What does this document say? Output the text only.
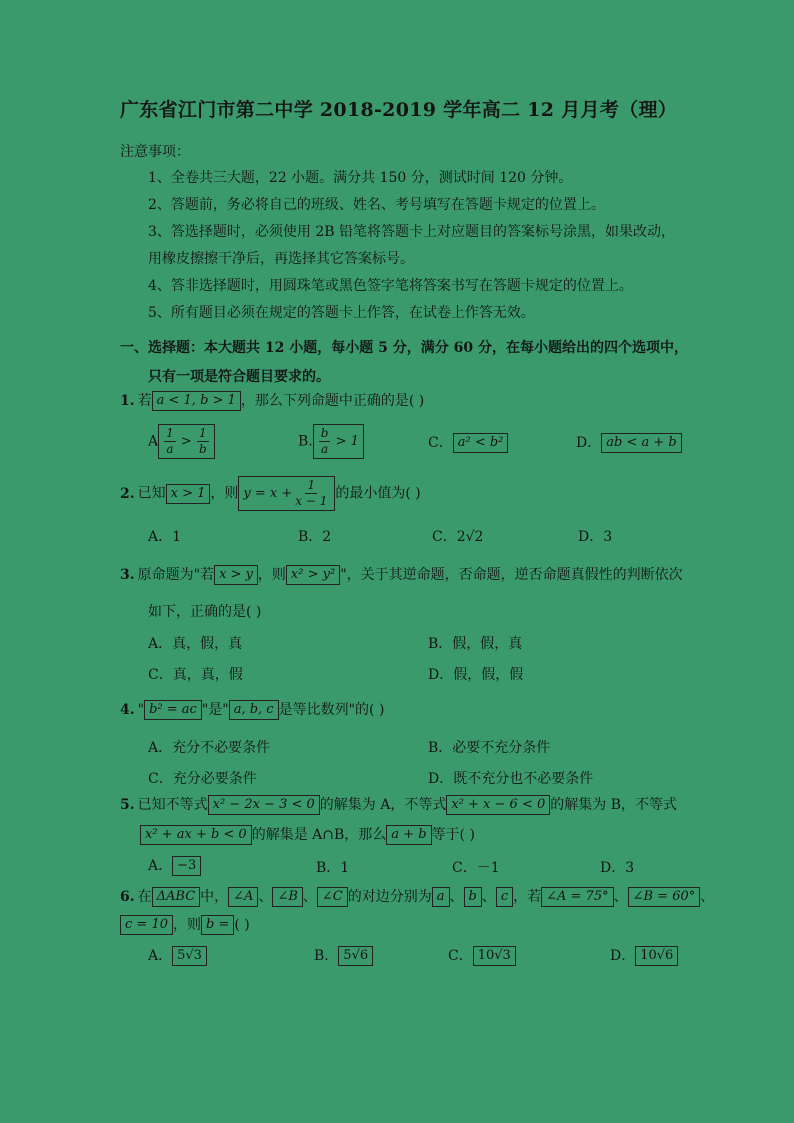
广东省江门市第二中学 2018-2019 学年高二 12 月月考（理）
注意事项：
1、全卷共三大题，22 小题。满分共 150 分，测试时间 120 分钟。
2、答题前，务必将自己的班级、姓名、考号填写在答题卡规定的位置上。
3、答选择题时，必须使用 2B 铅笔将答题卡上对应题目的答案标号涂黑，如果改动，
用橡皮擦擦干净后，再选择其它答案标号。
4、答非选择题时，用圆珠笔或黑色签字笔将答案书写在答题卡规定的位置上。
5、所有题目必须在规定的答题卡上作答，在试卷上作答无效。
一、选择题：本大题共 12 小题，每小题 5 分，满分 60 分，在每小题给出的四个选项中，
只有一项是符合题目要求的。
1. 若 a < 1, b > 1 ，那么下列命题中正确的是( )
A $\frac{1}{a} > \frac{1}{b}$	B. $\frac{b}{a} > 1$	C． a² < b²	D． ab < a + b
2. 已知 x > 1 ，则 $y = x + \frac{1}{x - 1}$ 的最小值为( )
A．1	B．2	C．2√2	D．3
3. 原命题为"若 x > y ，则 x² > y² "，关于其逆命题，否命题，逆否命题真假性的判断依次
如下，正确的是( )
A．真，假，真	B．假，假，真
C．真，真，假	D．假，假，假
4. " b² = ac "是" a, b, c 是等比数列"的( )
A．充分不必要条件	B．必要不充分条件
C．充分必要条件	D．既不充分也不必要条件
5. 已知不等式 x² − 2x − 3 < 0 的解集为 A，不等式 x² + x − 6 < 0 的解集为 B，不等式
x² + ax + b < 0 的解集是 A∩B，那么 a + b 等于( )
A． −3	B．1	C．－1	D．3
6. 在 ΔABC 中， ∠A 、 ∠B 、 ∠C 的对边分别为 a 、 b 、 c ，若 ∠A = 75° 、 ∠B = 60° 、
c = 10 ，则 b = ( )
A． 5√3	B． 5√6	C． 10√3	D． 10√6
